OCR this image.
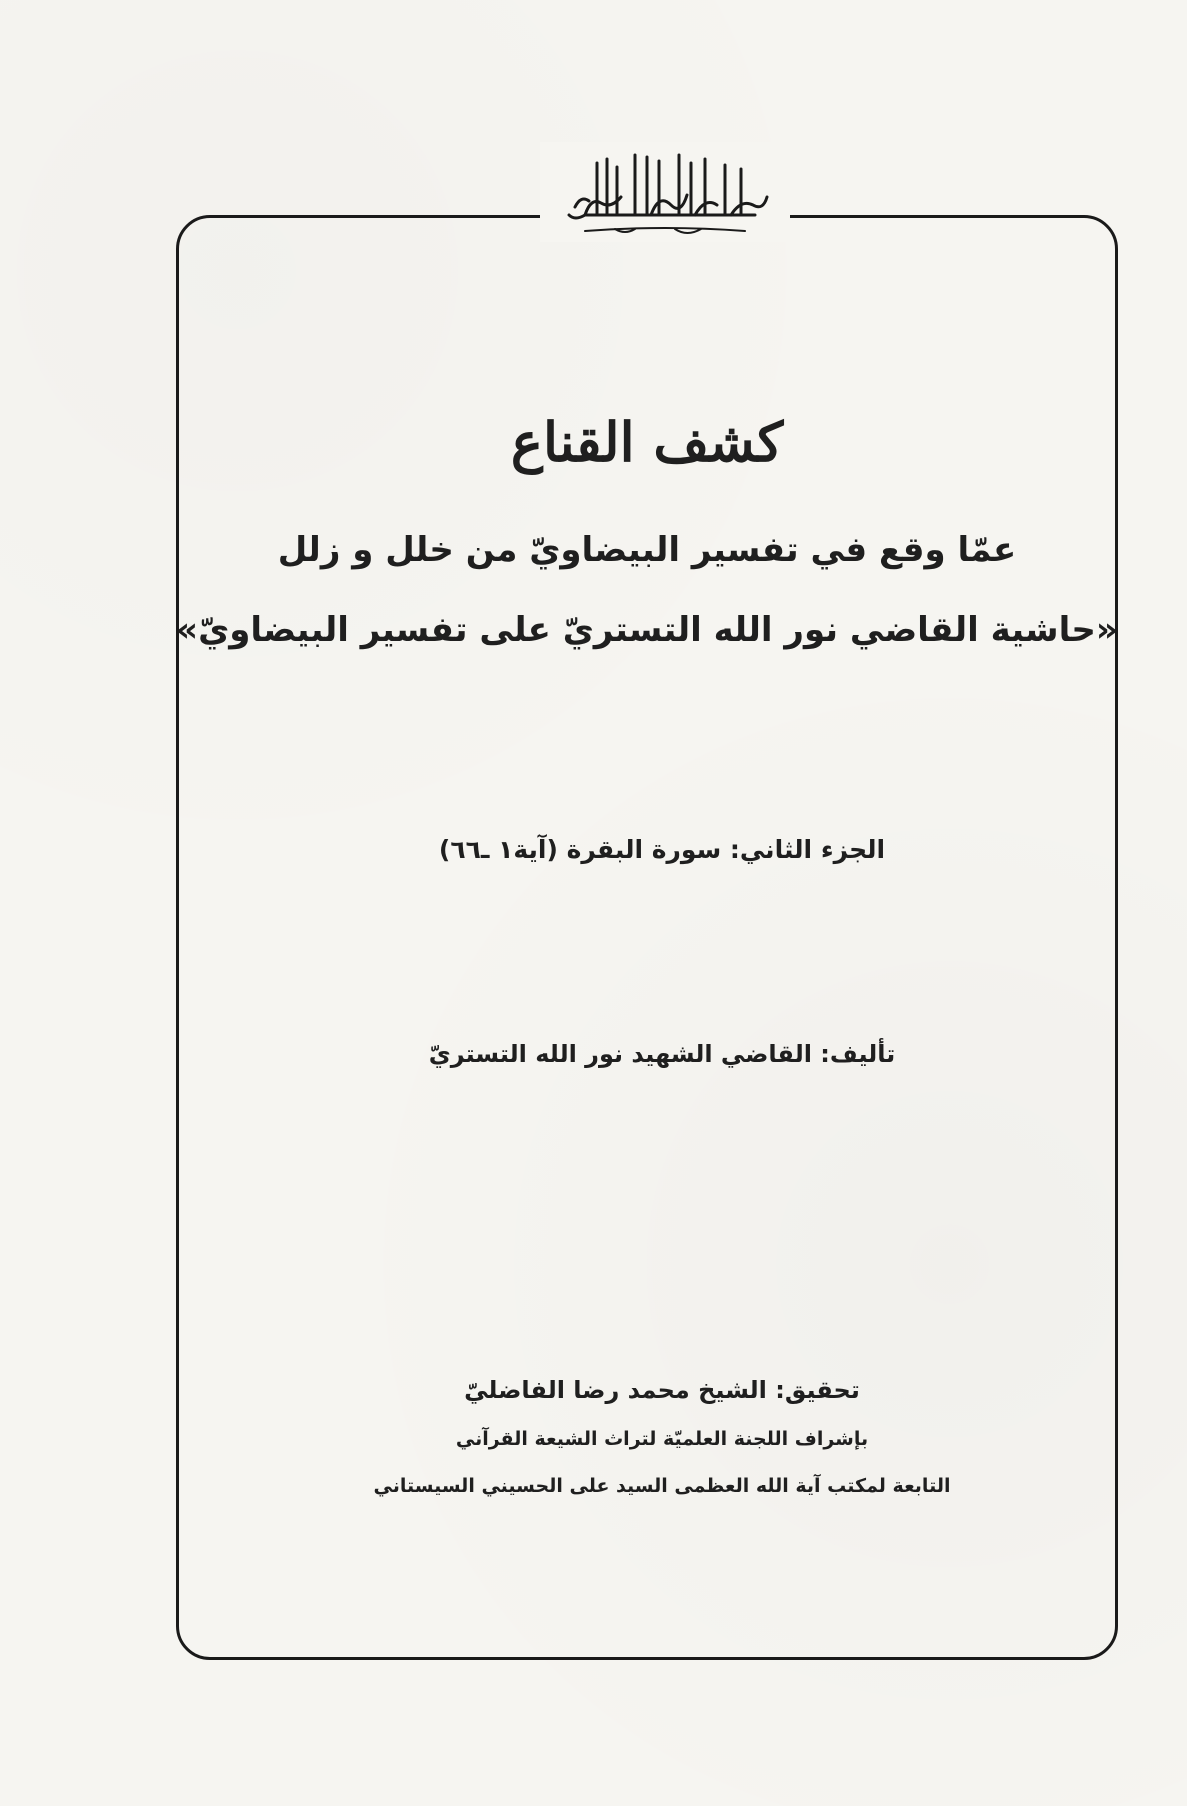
كشف القناع
عمّا وقع في تفسير البيضاويّ من خلل و زلل
«حاشية القاضي نور الله التستريّ على تفسير البيضاويّ»
الجزء الثاني: سورة البقرة (آية١ ـ٦٦)
تأليف: القاضي الشهيد نور الله التستريّ
تحقيق: الشيخ محمد رضا الفاضليّ
بإشراف اللجنة العلميّة لتراث الشيعة القرآني
التابعة لمكتب آية الله العظمى السيد على الحسيني السيستاني
